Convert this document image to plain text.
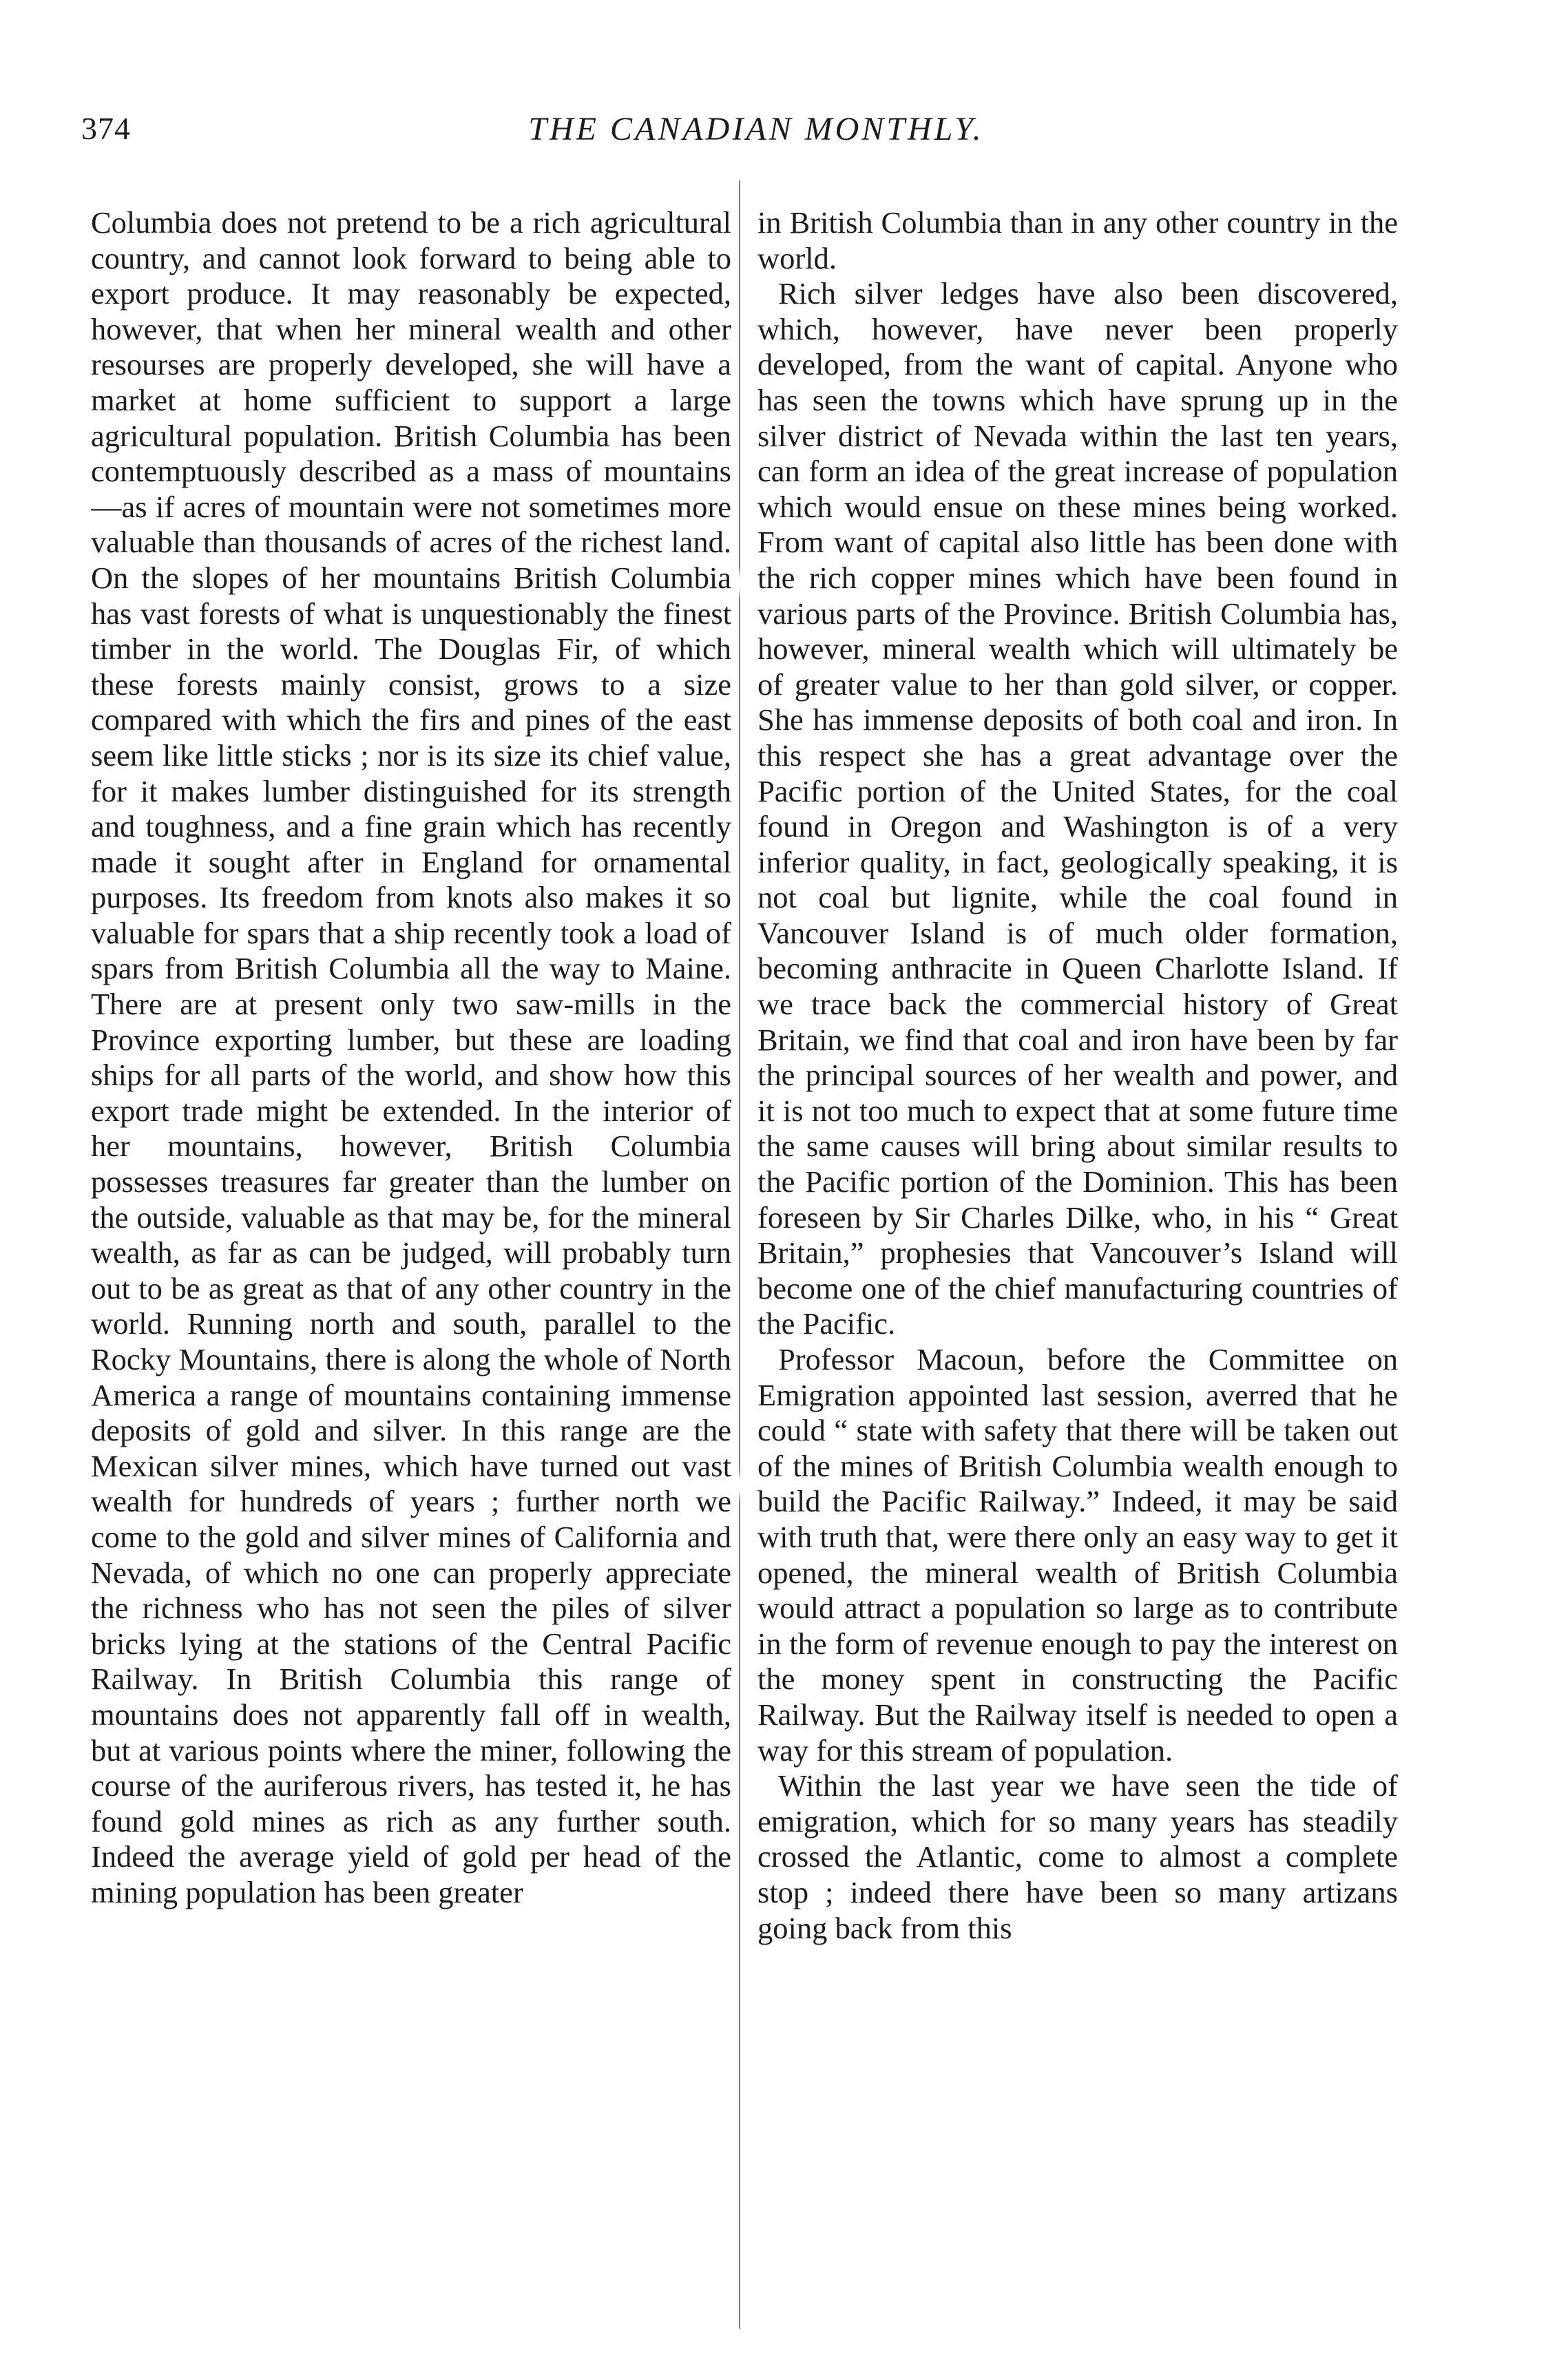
374	THE CANADIAN MONTHLY.

Columbia does not pretend to be a rich agricultural country, and cannot look forward to being able to export produce. It may reasonably be expected, however, that when her mineral wealth and other resourses are properly developed, she will have a market at home sufficient to support a large agricultural population. British Columbia has been contemptuously described as a mass of mountains—as if acres of mountain were not sometimes more valuable than thousands of acres of the richest land. On the slopes of her mountains British Columbia has vast forests of what is unquestionably the finest timber in the world. The Douglas Fir, of which these forests mainly consist, grows to a size compared with which the firs and pines of the east seem like little sticks ; nor is its size its chief value, for it makes lumber distinguished for its strength and toughness, and a fine grain which has recently made it sought after in England for ornamental purposes. Its freedom from knots also makes it so valuable for spars that a ship recently took a load of spars from British Columbia all the way to Maine. There are at present only two saw-mills in the Province exporting lumber, but these are loading ships for all parts of the world, and show how this export trade might be extended. In the interior of her mountains, however, British Columbia possesses treasures far greater than the lumber on the outside, valuable as that may be, for the mineral wealth, as far as can be judged, will probably turn out to be as great as that of any other country in the world. Running north and south, parallel to the Rocky Mountains, there is along the whole of North America a range of mountains containing immense deposits of gold and silver. In this range are the Mexican silver mines, which have turned out vast wealth for hundreds of years ; further north we come to the gold and silver mines of California and Nevada, of which no one can properly appreciate the richness who has not seen the piles of silver bricks lying at the stations of the Central Pacific Railway. In British Columbia this range of mountains does not apparently fall off in wealth, but at various points where the miner, following the course of the auriferous rivers, has tested it, he has found gold mines as rich as any further south. Indeed the average yield of gold per head of the mining population has been greater

in British Columbia than in any other country in the world.

Rich silver ledges have also been discovered, which, however, have never been properly developed, from the want of capital. Anyone who has seen the towns which have sprung up in the silver district of Nevada within the last ten years, can form an idea of the great increase of population which would ensue on these mines being worked. From want of capital also little has been done with the rich copper mines which have been found in various parts of the Province. British Columbia has, however, mineral wealth which will ultimately be of greater value to her than gold silver, or copper. She has immense deposits of both coal and iron. In this respect she has a great advantage over the Pacific portion of the United States, for the coal found in Oregon and Washington is of a very inferior quality, in fact, geologically speaking, it is not coal but lignite, while the coal found in Vancouver Island is of much older formation, becoming anthracite in Queen Charlotte Island. If we trace back the commercial history of Great Britain, we find that coal and iron have been by far the principal sources of her wealth and power, and it is not too much to expect that at some future time the same causes will bring about similar results to the Pacific portion of the Dominion. This has been foreseen by Sir Charles Dilke, who, in his “ Great Britain,” prophesies that Vancouver’s Island will become one of the chief manufacturing countries of the Pacific.

Professor Macoun, before the Committee on Emigration appointed last session, averred that he could “ state with safety that there will be taken out of the mines of British Columbia wealth enough to build the Pacific Railway.” Indeed, it may be said with truth that, were there only an easy way to get it opened, the mineral wealth of British Columbia would attract a population so large as to contribute in the form of revenue enough to pay the interest on the money spent in constructing the Pacific Railway. But the Railway itself is needed to open a way for this stream of population.

Within the last year we have seen the tide of emigration, which for so many years has steadily crossed the Atlantic, come to almost a complete stop ; indeed there have been so many artizans going back from this
